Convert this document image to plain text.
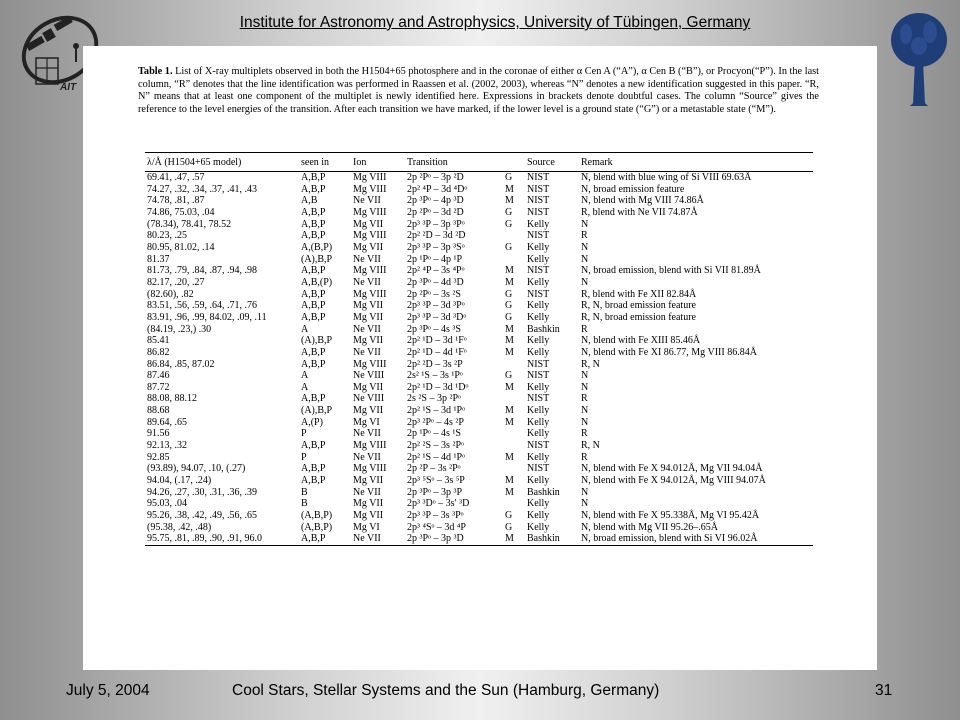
Institute for Astronomy and Astrophysics, University of Tübingen, Germany
AIT
Table 1. List of X-ray multiplets observed in both the H1504+65 photosphere and in the coronae of either α Cen A (“A”), α Cen B (“B”), or Procyon(“P”). In the last column, “R” denotes that the line identification was performed in Raassen et al. (2002, 2003), whereas “N” denotes a new identification suggested in this paper. “R, N” means that at least one component of the multiplet is newly identified here. Expressions in brackets denote doubtful cases. The column “Source” gives the reference to the level energies of the transition. After each transition we have marked, if the lower level is a ground state (“G”) or a metastable state (“M”).
λ/Å (H1504+65 model)	seen in	Ion	Transition		Source	Remark
69.41, .47, .57	A,B,P	Mg VIII	2p ²Pᵒ – 3p ²D	G	NIST	N, blend with blue wing of Si VIII 69.63Å
74.27, .32, .34, .37, .41, .43	A,B,P	Mg VIII	2p² ⁴P – 3d ⁴Dᵒ	M	NIST	N, broad emission feature
74.78, .81, .87	A,B	Ne VII	2p ³Pᵒ – 4p ³D	M	NIST	N, blend with Mg VIII 74.86Å
74.86, 75.03, .04	A,B,P	Mg VIII	2p ²Pᵒ – 3d ²D	G	NIST	R, blend with Ne VII 74.87Å
(78.34), 78.41, 78.52	A,B,P	Mg VII	2p³ ³P – 3p ³Pᵒ	G	Kelly	N
80.23, .25	A,B,P	Mg VIII	2p² ²D – 3d ²D		NIST	R
80.95, 81.02, .14	A,(B,P)	Mg VII	2p³ ³P – 3p ³Sᵒ	G	Kelly	N
81.37	(A),B,P	Ne VII	2p ¹Pᵒ – 4p ¹P		Kelly	N
81.73, .79, .84, .87, .94, .98	A,B,P	Mg VIII	2p² ⁴P – 3s ⁴Pᵒ	M	NIST	N, broad emission, blend with Si VII 81.89Å
82.17, .20, .27	A,B,(P)	Ne VII	2p ³Pᵒ – 4d ³D	M	Kelly	N
(82.60), .82	A,B,P	Mg VIII	2p ²Pᵒ – 3s ²S	G	NIST	R, blend with Fe XII 82.84Å
83.51, .56, .59, .64, .71, .76	A,B,P	Mg VII	2p³ ³P – 3d ³Pᵒ	G	Kelly	R, N, broad emission feature
83.91, .96, .99, 84.02, .09, .11	A,B,P	Mg VII	2p³ ³P – 3d ³Dᵒ	G	Kelly	R, N, broad emission feature
(84.19, .23,) .30	A	Ne VII	2p ³Pᵒ – 4s ³S	M	Bashkin	R
85.41	(A),B,P	Mg VII	2p² ¹D – 3d ¹Fᵒ	M	Kelly	N, blend with Fe XIII 85.46Å
86.82	A,B,P	Ne VII	2p² ¹D – 4d ¹Fᵒ	M	Kelly	N, blend with Fe XI 86.77, Mg VIII 86.84Å
86.84, .85, 87.02	A,B,P	Mg VIII	2p² ²D – 3s ²P		NIST	R, N
87.46	A	Ne VIII	2s² ¹S – 3s ¹Pᵒ	G	NIST	N
87.72	A	Mg VII	2p² ¹D – 3d ¹Dᵒ	M	Kelly	N
88.08, 88.12	A,B,P	Ne VIII	2s ²S – 3p ²Pᵒ		NIST	R
88.68	(A),B,P	Mg VII	2p² ¹S – 3d ¹Pᵒ	M	Kelly	N
89.64, .65	A,(P)	Mg VI	2p³ ²Pᵒ – 4s ²P	M	Kelly	N
91.56	P	Ne VII	2p ¹Pᵒ – 4s ¹S		Kelly	R
92.13, .32	A,B,P	Mg VIII	2p² ²S – 3s ²Pᵒ		NIST	R, N
92.85	P	Ne VII	2p² ¹S – 4d ¹Pᵒ	M	Kelly	R
(93.89), 94.07, .10, (.27)	A,B,P	Mg VIII	2p ²P – 3s ²Pᵒ		NIST	N, blend with Fe X 94.012Å, Mg VII 94.04Å
94.04, (.17, .24)	A,B,P	Mg VII	2p³ ⁵Sᵒ – 3s ⁵P	M	Kelly	N, blend with Fe X 94.012Å, Mg VIII 94.07Å
94.26, .27, .30, .31, .36, .39	B	Ne VII	2p ³Pᵒ – 3p ³P	M	Bashkin	N
95.03, .04	B	Mg VII	2p³ ³Dᵒ – 3s′ ³D		Kelly	N
95.26, .38, .42, .49, .56, .65	(A,B,P)	Mg VII	2p³ ³P – 3s ³Pᵒ	G	Kelly	N, blend with Fe X 95.338Å, Mg VI 95.42Å
(95.38, .42, .48)	(A,B,P)	Mg VI	2p³ ⁴Sᵒ – 3d ⁴P	G	Kelly	N, blend with Mg VII 95.26–.65Å
95.75, .81, .89, .90, .91, 96.0	A,B,P	Ne VII	2p ³Pᵒ – 3p ³D	M	Bashkin	N, broad emission, blend with Si VI 96.02Å
July 5, 2004	Cool Stars, Stellar Systems and the Sun (Hamburg, Germany)	31
